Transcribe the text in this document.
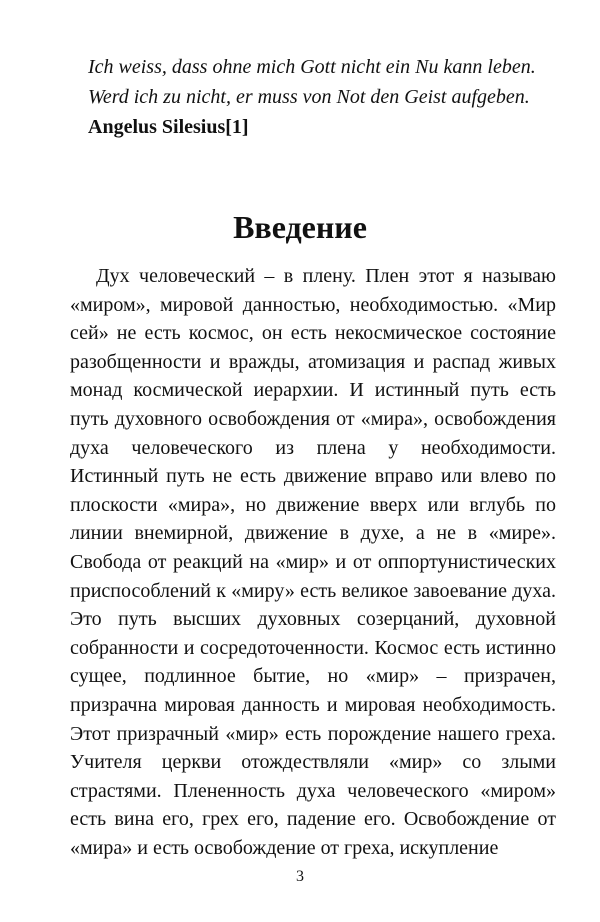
Ich weiss, dass ohne mich Gott nicht ein Nu kann leben.

Werd ich zu nicht, er muss von Not den Geist aufgeben.

Angelus Silesius[1]

Введение

Дух человеческий – в плену. Плен этот я называю «миром», мировой данностью, необходимостью. «Мир сей» не есть космос, он есть некосмическое состояние разобщенности и вражды, атомизация и распад живых монад космической иерархии. И истинный путь есть путь духовного освобождения от «мира», освобождения духа человеческого из плена у необходимости. Истинный путь не есть движение вправо или влево по плоскости «мира», но движение вверх или вглубь по линии внемирной, движение в духе, а не в «мире». Свобода от реакций на «мир» и от оппортунистических приспособлений к «миру» есть великое завоевание духа. Это путь высших духовных созерцаний, духовной собранности и сосредоточенности. Космос есть истинно сущее, подлинное бытие, но «мир» – призрачен, призрачна мировая данность и мировая необходимость. Этот призрачный «мир» есть порождение нашего греха. Учителя церкви отождествляли «мир» со злыми страстями. Плененность духа человеческого «миром» есть вина его, грех его, падение его. Освобождение от «мира» и есть освобождение от греха, искупление

3
